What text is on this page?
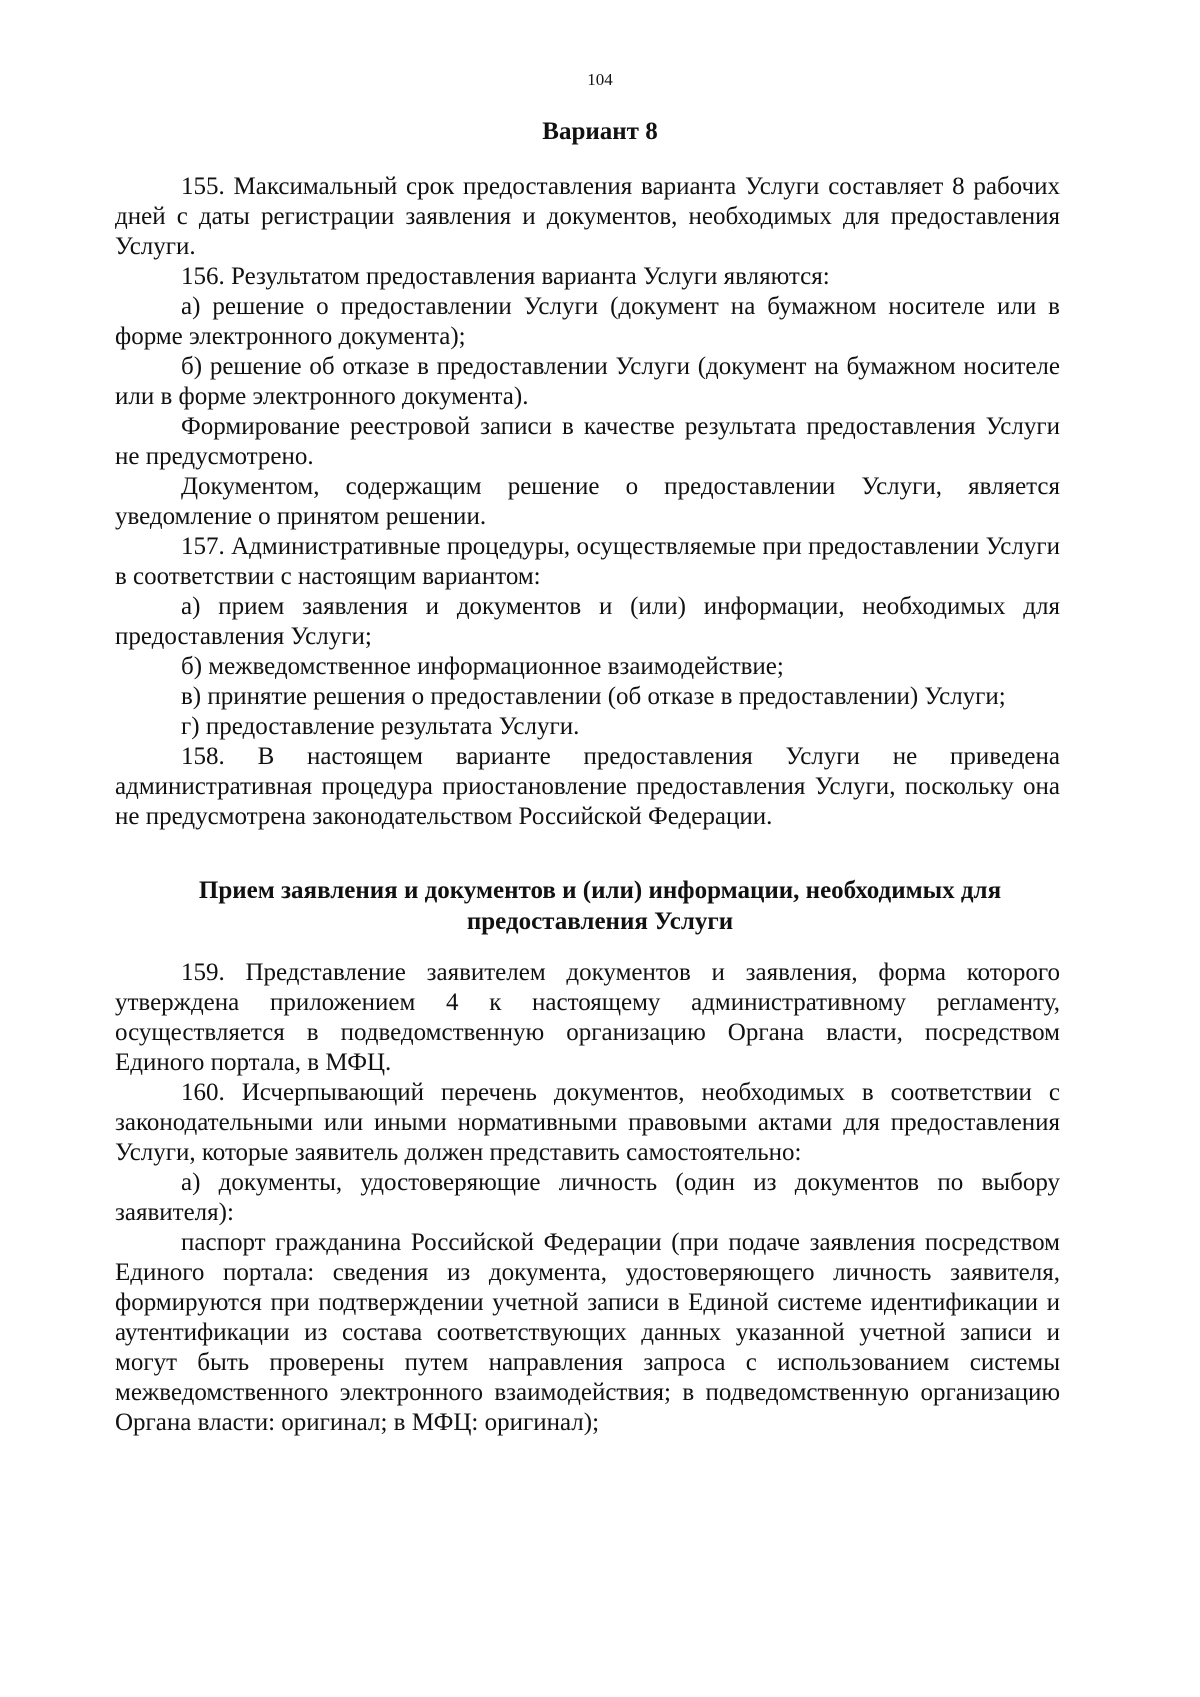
104
Вариант 8

155. Максимальный срок предоставления варианта Услуги составляет 8 рабочих дней с даты регистрации заявления и документов, необходимых для предоставления Услуги.

156. Результатом предоставления варианта Услуги являются:

а) решение о предоставлении Услуги (документ на бумажном носителе или в форме электронного документа);

б) решение об отказе в предоставлении Услуги (документ на бумажном носителе или в форме электронного документа).

Формирование реестровой записи в качестве результата предоставления Услуги не предусмотрено.

Документом, содержащим решение о предоставлении Услуги, является уведомление о принятом решении.

157. Административные процедуры, осуществляемые при предоставлении Услуги в соответствии с настоящим вариантом:

а) прием заявления и документов и (или) информации, необходимых для предоставления Услуги;

б) межведомственное информационное взаимодействие;

в) принятие решения о предоставлении (об отказе в предоставлении) Услуги;

г) предоставление результата Услуги.

158. В настоящем варианте предоставления Услуги не приведена административная процедура приостановление предоставления Услуги, поскольку она не предусмотрена законодательством Российской Федерации.

Прием заявления и документов и (или) информации, необходимых для предоставления Услуги

159. Представление заявителем документов и заявления, форма которого утверждена приложением 4 к настоящему административному регламенту, осуществляется в подведомственную организацию Органа власти, посредством Единого портала, в МФЦ.

160. Исчерпывающий перечень документов, необходимых в соответствии с законодательными или иными нормативными правовыми актами для предоставления Услуги, которые заявитель должен представить самостоятельно:

а) документы, удостоверяющие личность (один из документов по выбору заявителя):

паспорт гражданина Российской Федерации (при подаче заявления посредством Единого портала: сведения из документа, удостоверяющего личность заявителя, формируются при подтверждении учетной записи в Единой системе идентификации и аутентификации из состава соответствующих данных указанной учетной записи и могут быть проверены путем направления запроса с использованием системы межведомственного электронного взаимодействия; в подведомственную организацию Органа власти: оригинал; в МФЦ: оригинал);
